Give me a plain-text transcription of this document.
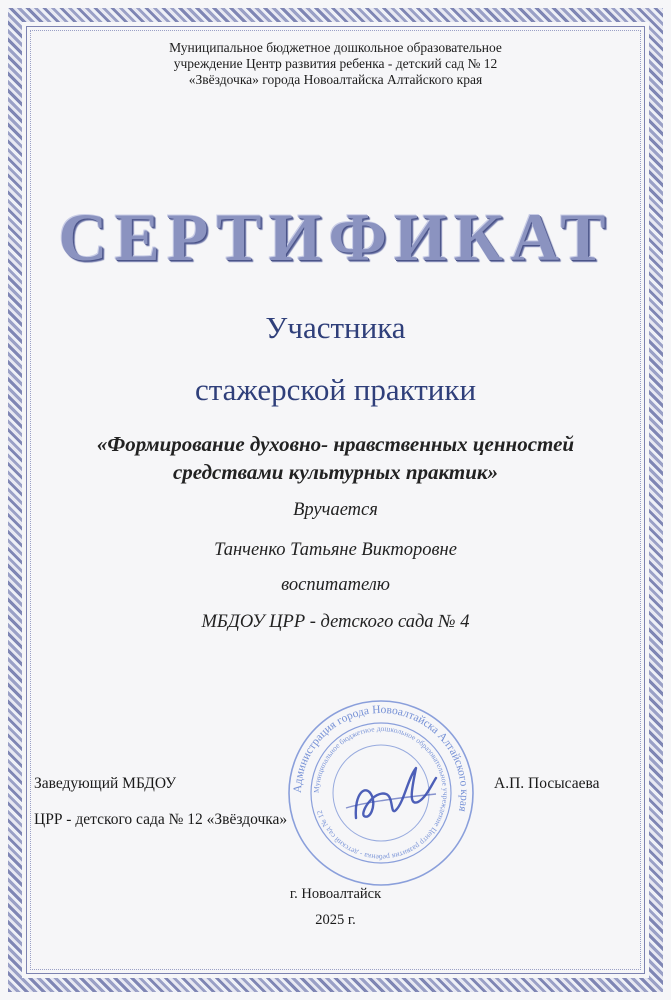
Муниципальное бюджетное дошкольное образовательное
учреждение Центр развития ребенка - детский сад № 12
«Звёздочка» города Новоалтайска Алтайского края
СЕРТИФИКАТ
Участника
стажерской практики
«Формирование духовно- нравственных ценностей
средствами культурных практик»
Вручается
Танченко Татьяне Викторовне
воспитателю
МБДОУ ЦРР - детского сада № 4
Заведующий МБДОУ
ЦРР - детского сада № 12 «Звёздочка»
А.П. Посысаева
Администрация города Новоалтайска Алтайского края
Муниципальное бюджетное дошкольное образовательное учреждение Центр развития ребенка - детский сад № 12
г. Новоалтайск
2025 г.
